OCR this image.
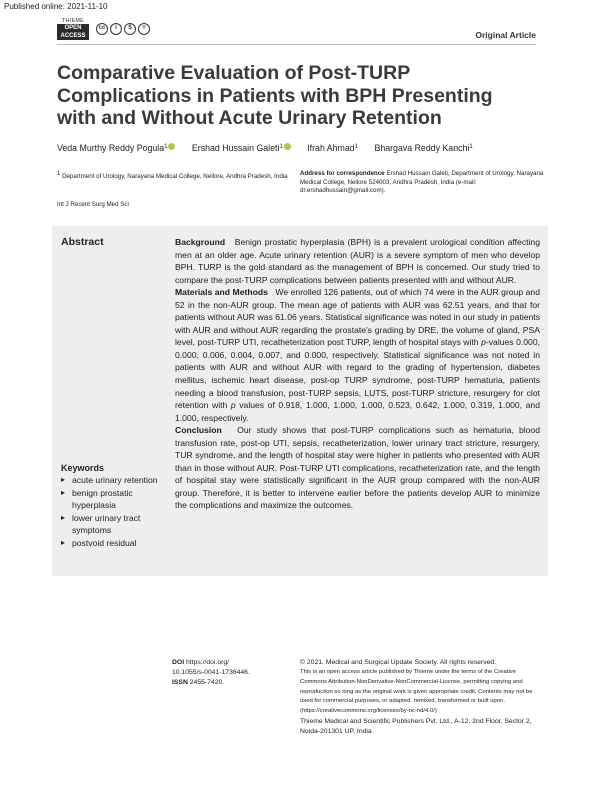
Published online: 2021-11-10
THIEME
OPEN
ACCESS
cc	i	$	=
Original Article
Comparative Evaluation of Post-TURP Complications in Patients with BPH Presenting with and Without Acute Urinary Retention
Veda Murthy Reddy Pogula$^1$	Ershad Hussain Galeti$^1$	Ifrah Ahmad$^1$ Bhargava Reddy Kanchi$^1$
$^1$ Department of Urology, Narayana Medical College, Nellore, Andhra Pradesh, India	Address for correspondence Ershad Hussain Galeti, Department of Urology, Narayana Medical College, Nellore 524003, Andhra Pradesh, India (e-mail: dr.ershadhussain@gmail.com).
Int J Recent Surg Med Sci
Abstract	Background Benign prostatic hyperplasia (BPH) is a prevalent urological condition affecting men at an older age. Acute urinary retention (AUR) is a severe symptom of men who develop BPH. TURP is the gold standard as the management of BPH is concerned. Our study tried to compare the post-TURP complications between patients presented with and without AUR.

Materials and Methods We enrolled 126 patients, out of which 74 were in the AUR group and 52 in the non-AUR group. The mean age of patients with AUR was 62.51 years, and that for patients without AUR was 61.06 years. Statistical significance was noted in our study in patients with AUR and without AUR regarding the prostate's grading by DRE, the volume of gland, PSA level, post-TURP UTI, recatheterization post TURP, length of hospital stays with p-values 0.000, 0.000, 0.006, 0.004, 0.007, and 0.000, respectively. Statistical significance was not noted in patients with AUR and without AUR with regard to the grading of hypertension, diabetes mellitus, ischemic heart disease, post-op TURP syndrome, post-TURP hematuria, patients needing a blood transfusion, post-TURP sepsis, LUTS, post-TURP stricture, resurgery for clot retention with p values of 0.918, 1.000, 1.000, 1.000, 0.523, 0.642, 1.000, 0.319, 1.000, and 1.000, respectively.

Conclusion Our study shows that post-TURP complications such as hematuria, blood transfusion rate, post-op UTI, sepsis, recatheterization, lower urinary tract stricture, resurgery, TUR syndrome, and the length of hospital stay were higher in patients who presented with AUR than in those without AUR. Post-TURP UTI complications, recatheterization rate, and the length of hospital stay were statistically significant in the AUR group compared with the non-AUR group. Therefore, it is better to intervene earlier before the patients develop AUR to minimize the complications and maximize the outcomes.

Keywords
▸ acute urinary retention
▸ benign prostatic hyperplasia
▸ lower urinary tract symptoms
▸ postvoid residual
DOI https://doi.org/
10.1055/s-0041-1736446.
ISSN 2455-7420.
© 2021. Medical and Surgical Update Society. All rights reserved.
This is an open access article published by Thieme under the terms of the Creative Commons Attribution-NonDerivative-NonCommercial-License, permitting copying and reproduction so long as the original work is given appropriate credit. Contents may not be used for commercial purposes, or adapted, remixed, transformed or built upon. (https://creativecommons.org/licenses/by-nc-nd/4.0/)
Thieme Medical and Scientific Publishers Pvt. Ltd., A-12, 2nd Floor, Sector 2, Noida-201301 UP, India
